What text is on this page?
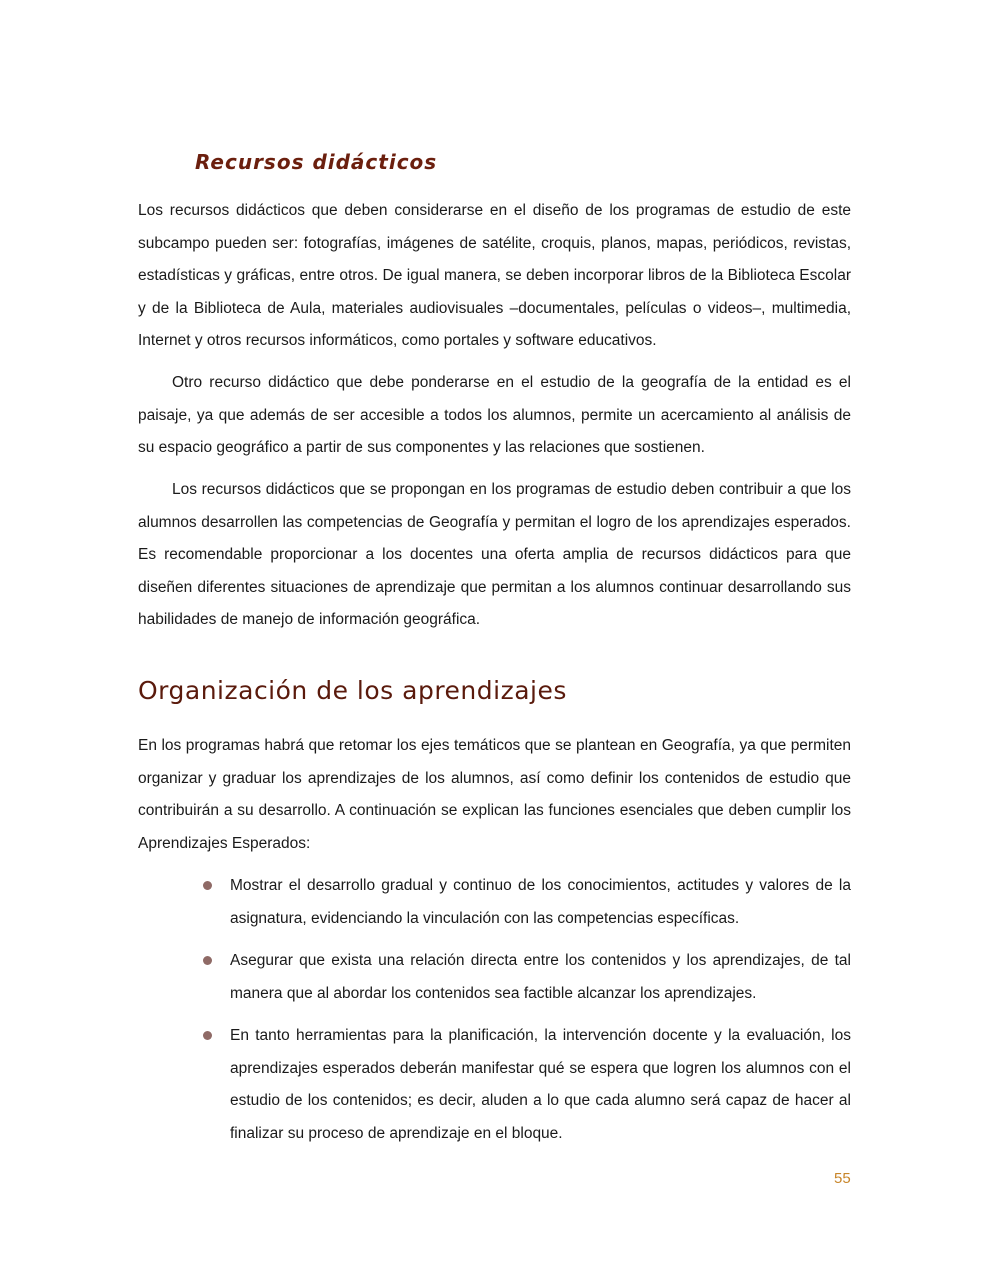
Recursos didácticos

Los recursos didácticos que deben considerarse en el diseño de los programas de estudio de este subcampo pueden ser: fotografías, imágenes de satélite, croquis, planos, mapas, periódicos, revistas, estadísticas y gráficas, entre otros. De igual manera, se deben incorporar libros de la Biblioteca Escolar y de la Biblioteca de Aula, materiales audiovisuales –documentales, películas o videos–, multimedia, Internet y otros recursos informáticos, como portales y software educativos.

Otro recurso didáctico que debe ponderarse en el estudio de la geografía de la entidad es el paisaje, ya que además de ser accesible a todos los alumnos, permite un acercamiento al análisis de su espacio geográfico a partir de sus componentes y las relaciones que sostienen.

Los recursos didácticos que se propongan en los programas de estudio deben contribuir a que los alumnos desarrollen las competencias de Geografía y permitan el logro de los aprendizajes esperados. Es recomendable proporcionar a los docentes una oferta amplia de recursos didácticos para que diseñen diferentes situaciones de aprendizaje que permitan a los alumnos continuar desarrollando sus habilidades de manejo de información geográfica.

Organización de los aprendizajes

En los programas habrá que retomar los ejes temáticos que se plantean en Geografía, ya que permiten organizar y graduar los aprendizajes de los alumnos, así como definir los contenidos de estudio que contribuirán a su desarrollo. A continuación se explican las funciones esenciales que deben cumplir los Aprendizajes Esperados:

Mostrar el desarrollo gradual y continuo de los conocimientos, actitudes y valores de la asignatura, evidenciando la vinculación con las competencias específicas.
Asegurar que exista una relación directa entre los contenidos y los aprendizajes, de tal manera que al abordar los contenidos sea factible alcanzar los aprendizajes.
En tanto herramientas para la planificación, la intervención docente y la evaluación, los aprendizajes esperados deberán manifestar qué se espera que logren los alumnos con el estudio de los contenidos; es decir, aluden a lo que cada alumno será capaz de hacer al finalizar su proceso de aprendizaje en el bloque.

55
